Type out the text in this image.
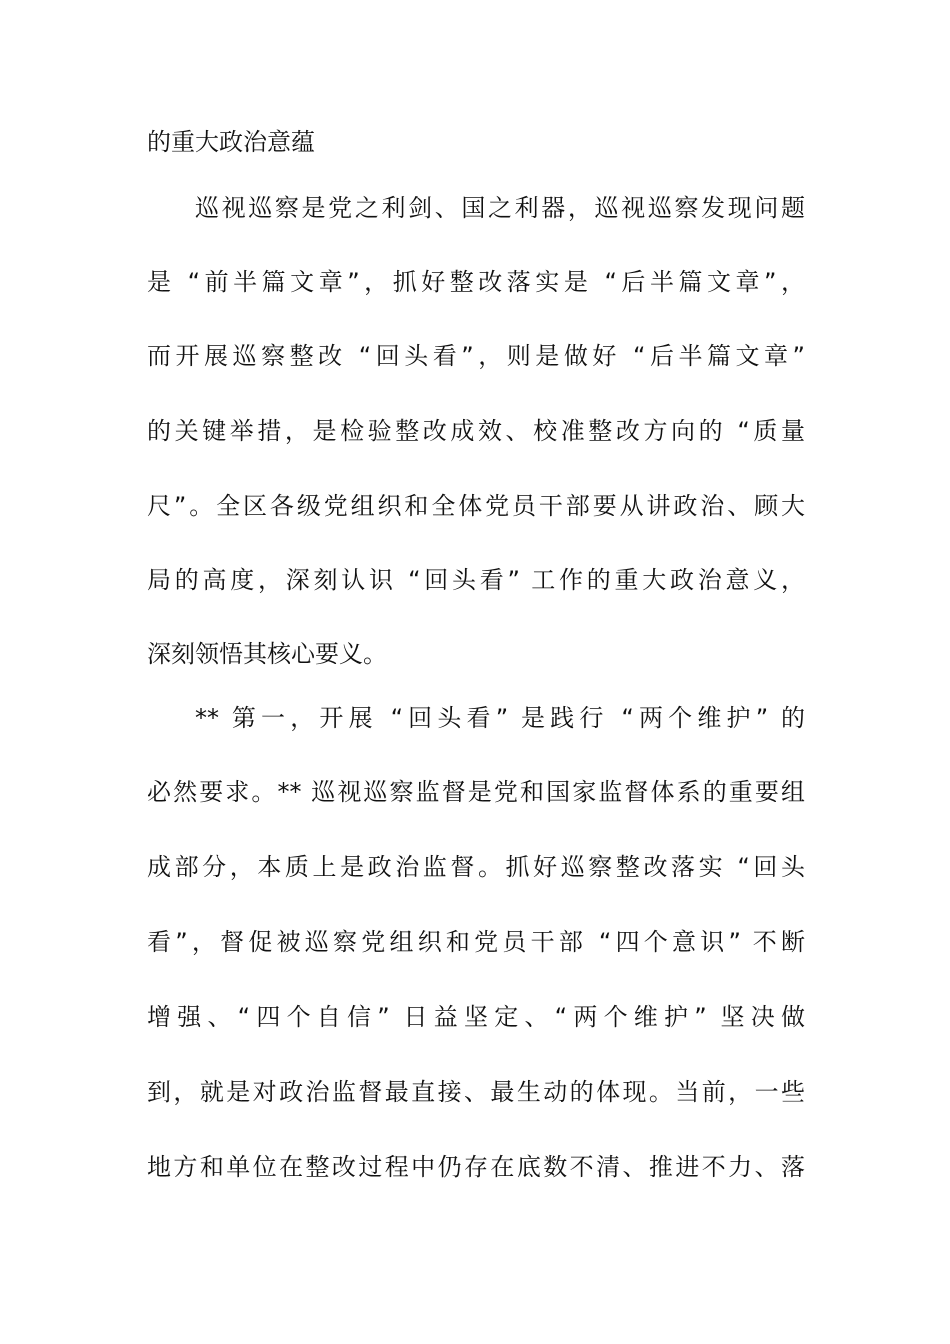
的重大政治意蕴
巡视巡察是党之利剑、国之利器，巡视巡察发现问题
是 “前半篇文章”，抓好整改落实是 “后半篇文章”，
而开展巡察整改 “回头看”，则是做好 “后半篇文章”
的关键举措，是检验整改成效、校准整改方向的 “质量
尺”。全区各级党组织和全体党员干部要从讲政治、顾大
局的高度，深刻认识 “回头看” 工作的重大政治意义，
深刻领悟其核心要义。
** 第一，开展 “回头看” 是践行 “两个维护” 的
必然要求。** 巡视巡察监督是党和国家监督体系的重要组
成部分，本质上是政治监督。抓好巡察整改落实 “回头
看”，督促被巡察党组织和党员干部 “四个意识” 不断
增强、“四个自信” 日益坚定、“两个维护” 坚决做
到，就是对政治监督最直接、最生动的体现。当前，一些
地方和单位在整改过程中仍存在底数不清、推进不力、落
